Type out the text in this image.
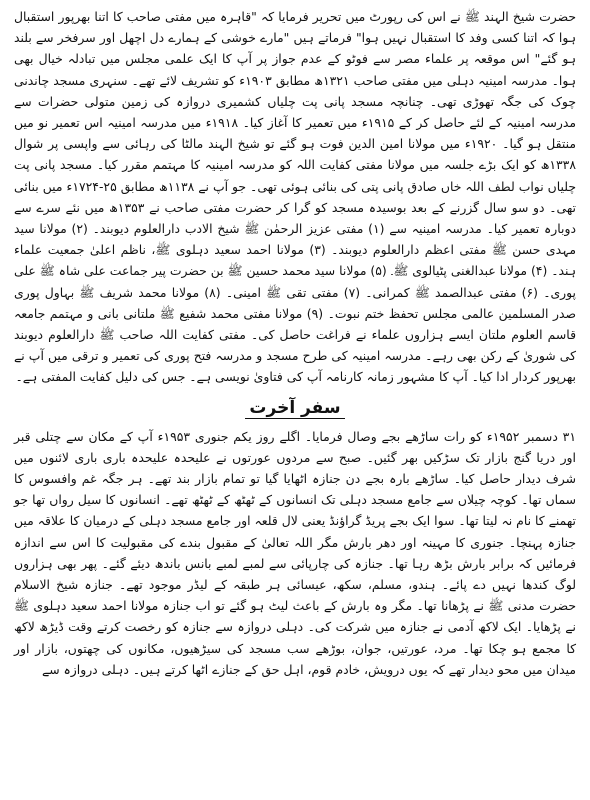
حضرت شیخ الہند ﷺ نے اس کی رپورٹ میں تحریر فرمایا کہ "قاہرہ میں مفتی صاحب کا اتنا بھرپور استقبال ہوا کہ اتنا کسی وفد کا استقبال نہیں ہوا" فرماتے ہیں "مارے خوشی کے ہمارے دل اچھل اور سرفخر سے بلند ہو گئے" اس موقعہ پر علماء مصر سے فوٹو کے عدم جواز پر آپ کا ایک علمی مجلس میں تبادلہ خیال بھی ہوا۔ مدرسہ امینیہ دہلی میں مفتی صاحب ۱۳۲۱ھ مطابق ۱۹۰۳ء کو تشریف لائے تھے۔ سنہری مسجد چاندنی چوک کی جگہ تھوڑی تھی۔ چنانچہ مسجد پانی پت چلیاں کشمیری دروازہ کی زمین متولی حضرات سے مدرسہ امینیہ کے لئے حاصل کر کے ۱۹۱۵ء میں تعمیر کا آغاز کیا۔ ۱۹۱۸ء میں مدرسہ امینیہ اس تعمیر نو میں منتقل ہو گیا۔ ۱۹۲۰ء میں مولانا امین الدین فوت ہو گئے تو شیخ الہند مالٹا کی رہائی سے واپسی پر شوال ۱۳۳۸ھ کو ایک بڑے جلسہ میں مولانا مفتی کفایت اللہ کو مدرسہ امینیہ کا مہتمم مقرر کیا۔ مسجد پانی پت چلیاں نواب لطف اللہ خاں صادق پانی پتی کی بنائی ہوئی تھی۔ جو آپ نے ۱۱۳۸ھ مطابق ۲۵-۱۷۲۴ء میں بنائی تھی۔ دو سو سال گزرنے کے بعد بوسیدہ مسجد کو گرا کر حضرت مفتی صاحب نے ۱۳۵۳ھ میں نئے سرے سے دوبارہ تعمیر کیا۔ مدرسہ امینیہ سے (۱) مفتی عزیز الرحمٰن ﷺ شیخ الادب دارالعلوم دیوبند۔ (۲) مولانا سید مہدی حسن ﷺ مفتی اعظم دارالعلوم دیوبند۔ (۳) مولانا احمد سعید دہلوی ﷺ، ناظم اعلیٰ جمعیت علماء ہند۔ (۴) مولانا عبدالغنی پٹیالوی ﷺ۔ (۵) مولانا سید محمد حسین ﷺ بن حضرت پیر جماعت علی شاہ ﷺ علی پوری۔ (۶) مفتی عبدالصمد ﷺ کمرانی۔ (۷) مفتی تقی ﷺ امینی۔ (۸) مولانا محمد شریف ﷺ بہاول پوری صدر المسلمین عالمی مجلس تحفظ ختم نبوت۔ (۹) مولانا مفتی محمد شفیع ﷺ ملتانی بانی و مہتمم جامعہ قاسم العلوم ملتان ایسے ہزاروں علماء نے فراغت حاصل کی۔ مفتی کفایت اللہ صاحب ﷺ دارالعلوم دیوبند کی شوریٰ کے رکن بھی رہے۔ مدرسہ امینیہ کی طرح مسجد و مدرسہ فتح پوری کی تعمیر و ترقی میں آپ نے بھرپور کردار ادا کیا۔ آپ کا مشہور زمانہ کارنامہ آپ کی فتاویٰ نویسی ہے۔ جس کی دلیل کفایت المفتی ہے۔

سفر آخرت

۳۱ دسمبر ۱۹۵۲ء کو رات ساڑھے بجے وصال فرمایا۔ اگلے روز یکم جنوری ۱۹۵۳ء آپ کے مکان سے چتلی قبر اور دریا گنج بازار تک سڑکیں بھر گئیں۔ صبح سے مردوں عورتوں نے علیحدہ علیحدہ باری باری لائنوں میں شرف دیدار حاصل کیا۔ ساڑھے بارہ بجے دن جنازہ اٹھایا گیا تو تمام بازار بند تھے۔ ہر جگہ غم وافسوس کا سماں تھا۔ کوچہ چیلاں سے جامع مسجد دہلی تک انسانوں کے ٹھٹھ کے ٹھٹھ تھے۔ انسانوں کا سیل رواں تھا جو تھمنے کا نام نہ لیتا تھا۔ سوا ایک بجے پریڈ گراؤنڈ یعنی لال قلعہ اور جامع مسجد دہلی کے درمیان کا علاقہ میں جنازہ پہنچا۔ جنوری کا مہینہ اور دھر بارش مگر اللہ تعالیٰ کے مقبول بندے کی مقبولیت کا اس سے اندازہ فرمائیں کہ برابر بارش بڑھ رہا تھا۔ جنازہ کی چارپائی سے لمبے لمبے بانس باندھ دیئے گئے۔ پھر بھی ہزاروں لوگ کندھا نہیں دے پائے۔ ہندو، مسلم، سکھ، عیسائی ہر طبقہ کے لیڈر موجود تھے۔ جنازہ شیخ الاسلام حضرت مدنی ﷺ نے پڑھانا تھا۔ مگر وہ بارش کے باعث لیٹ ہو گئے تو اب جنازہ مولانا احمد سعید دہلوی ﷺ نے پڑھایا۔ ایک لاکھ آدمی نے جنازہ میں شرکت کی۔ دہلی دروازہ سے جنازہ کو رخصت کرتے وقت ڈیڑھ لاکھ کا مجمع ہو چکا تھا۔ مرد، عورتیں، جوان، بوڑھے سب مسجد کی سیڑھیوں، مکانوں کی چھتوں، بازار اور میدان میں محو دیدار تھے کہ یوں درویش، خادم قوم، اہل حق کے جنازے اٹھا کرتے ہیں۔ دہلی دروازہ سے
